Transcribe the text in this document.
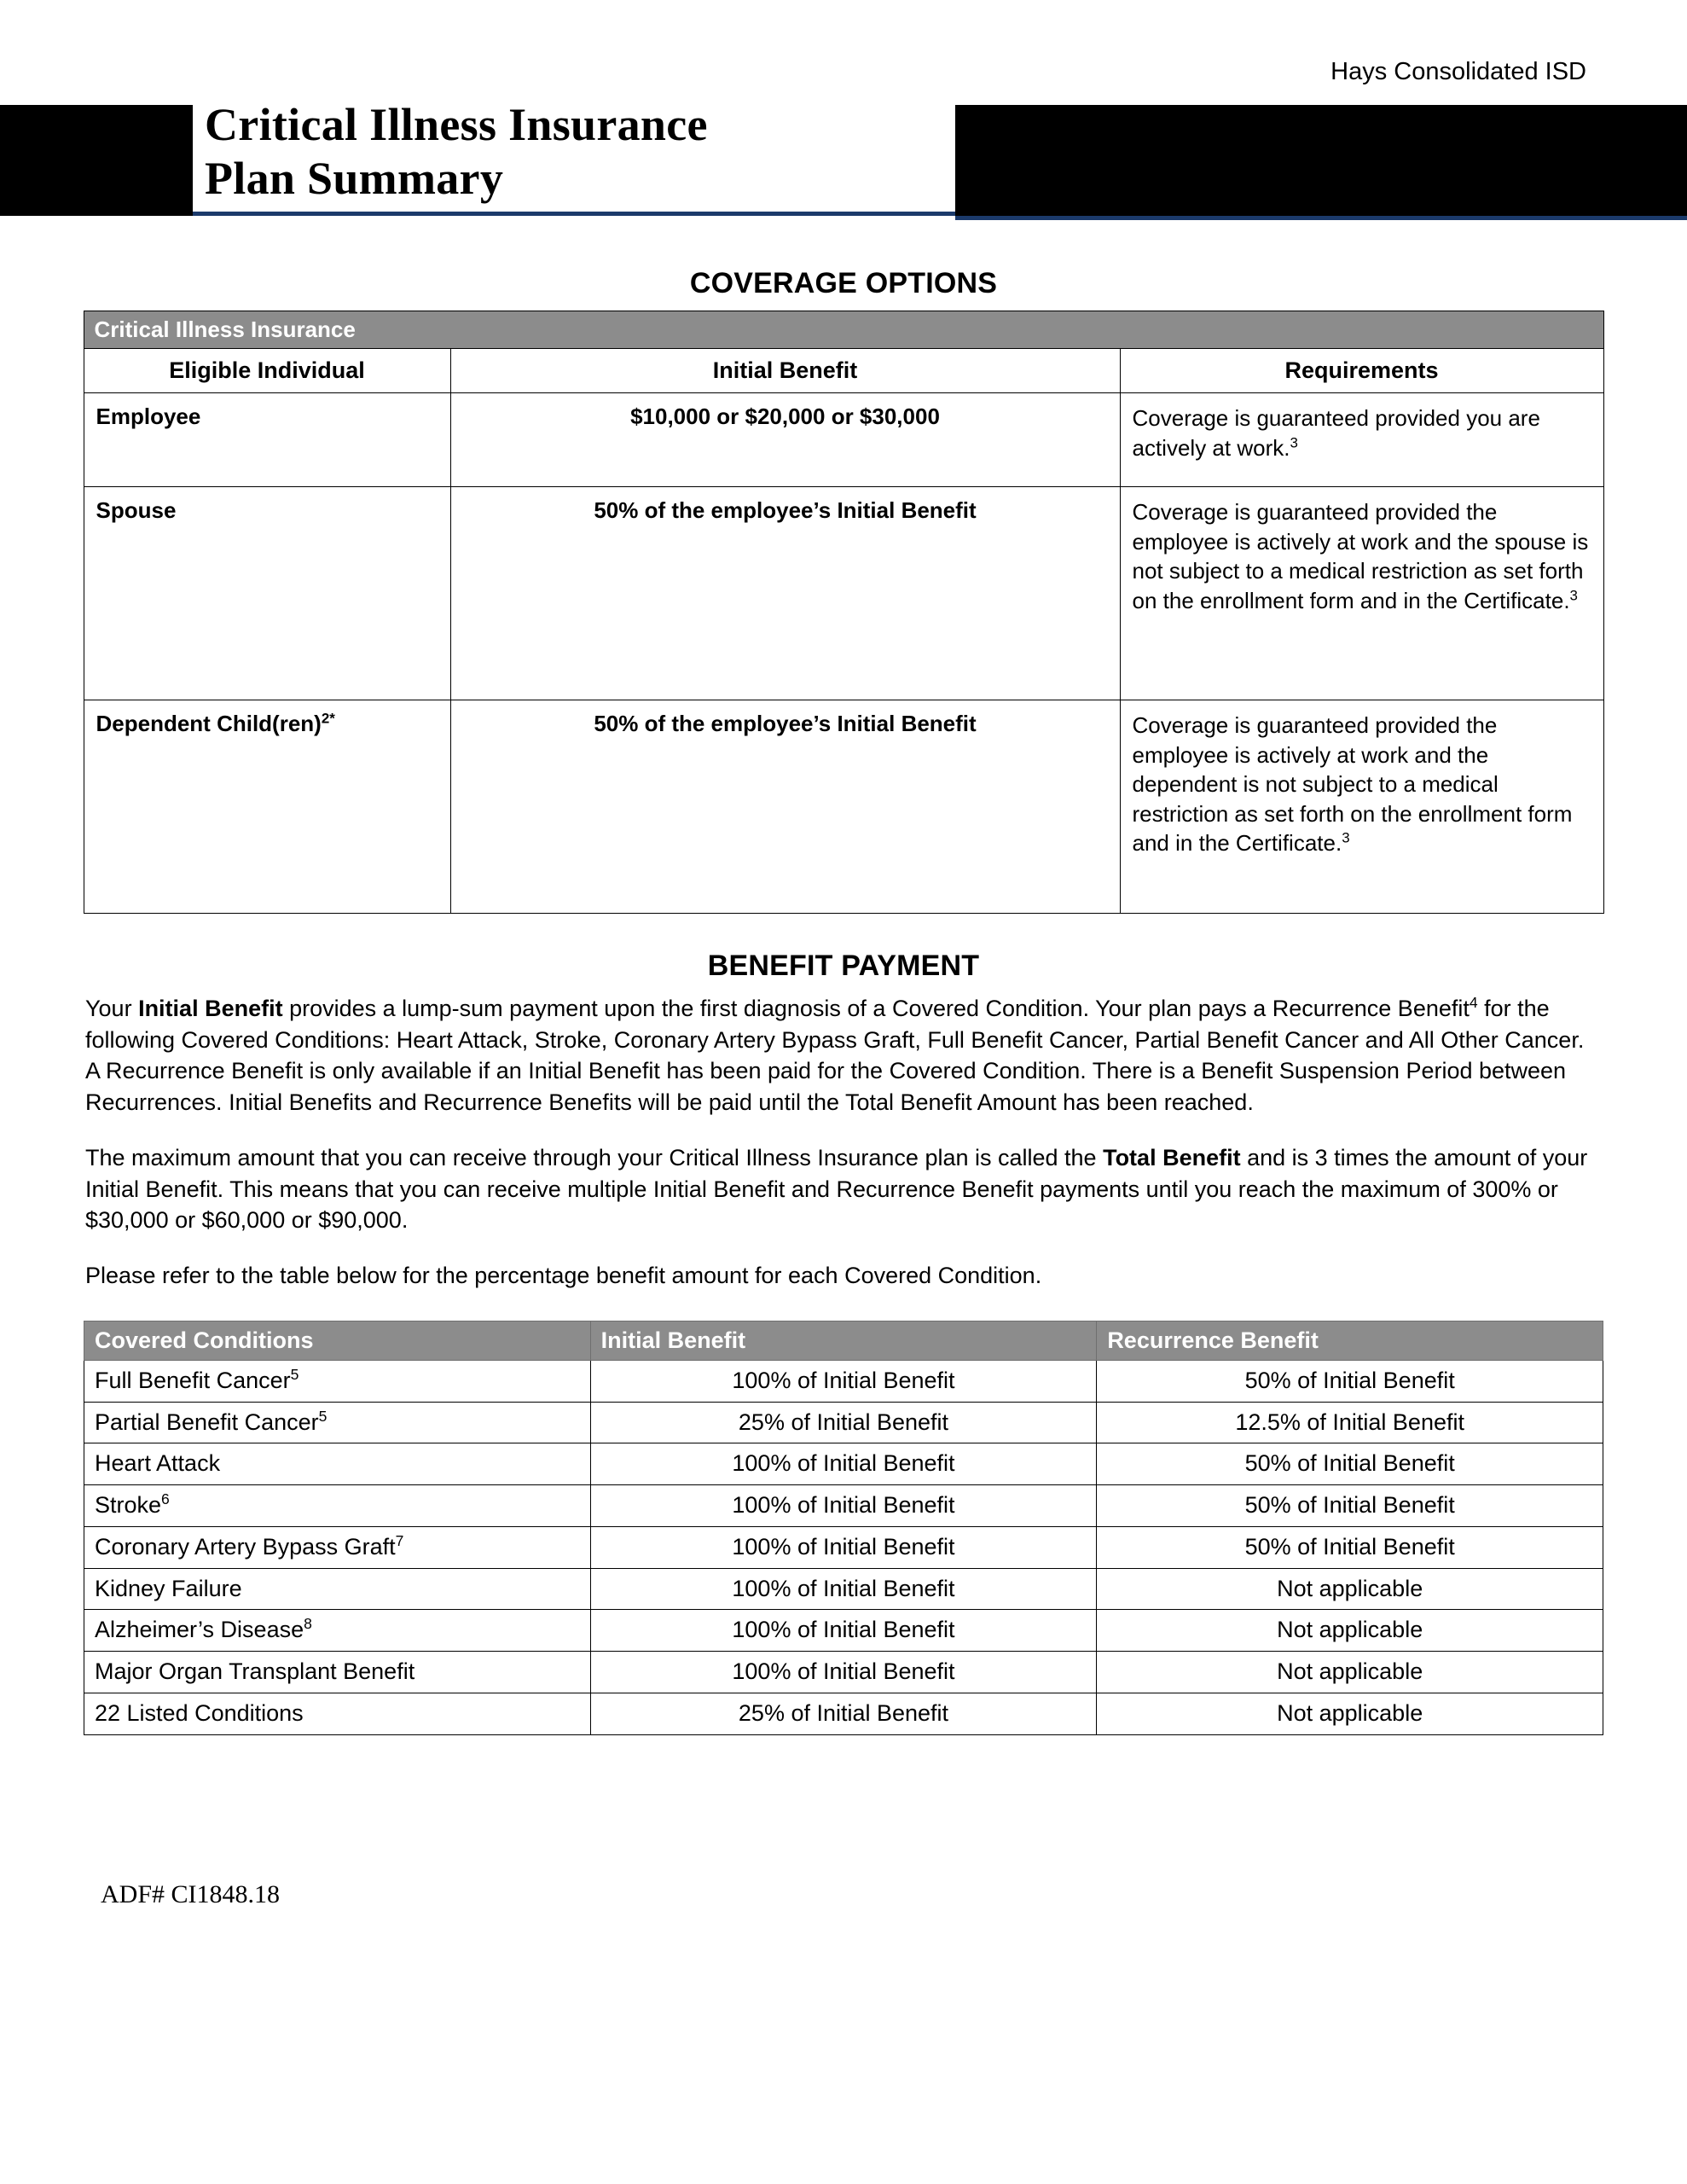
Hays Consolidated ISD
Critical Illness Insurance
Plan Summary
COVERAGE OPTIONS
Critical Illness Insurance		
Eligible Individual	Initial Benefit	Requirements
Employee	$10,000 or $20,000 or $30,000	Coverage is guaranteed provided you are actively at work.$^3$
Spouse	50% of the employee’s Initial Benefit	Coverage is guaranteed provided the employee is actively at work and the spouse is not subject to a medical restriction as set forth on the enrollment form and in the Certificate.$^3$
Dependent Child(ren)$^{2*}$	50% of the employee’s Initial Benefit	Coverage is guaranteed provided the employee is actively at work and the dependent is not subject to a medical restriction as set forth on the enrollment form and in the Certificate.$^3$
BENEFIT PAYMENT

Your Initial Benefit provides a lump-sum payment upon the first diagnosis of a Covered Condition. Your plan pays a Recurrence Benefit$^4$ for the following Covered Conditions: Heart Attack, Stroke, Coronary Artery Bypass Graft, Full Benefit Cancer, Partial Benefit Cancer and All Other Cancer. A Recurrence Benefit is only available if an Initial Benefit has been paid for the Covered Condition. There is a Benefit Suspension Period between Recurrences. Initial Benefits and Recurrence Benefits will be paid until the Total Benefit Amount has been reached.

The maximum amount that you can receive through your Critical Illness Insurance plan is called the Total Benefit and is 3 times the amount of your Initial Benefit. This means that you can receive multiple Initial Benefit and Recurrence Benefit payments until you reach the maximum of 300% or $30,000 or $60,000 or $90,000.

Please refer to the table below for the percentage benefit amount for each Covered Condition.

Covered Conditions	Initial Benefit	Recurrence Benefit
Full Benefit Cancer$^5$	100% of Initial Benefit	50% of Initial Benefit
Partial Benefit Cancer$^5$	25% of Initial Benefit	12.5% of Initial Benefit
Heart Attack	100% of Initial Benefit	50% of Initial Benefit
Stroke$^6$	100% of Initial Benefit	50% of Initial Benefit
Coronary Artery Bypass Graft$^7$	100% of Initial Benefit	50% of Initial Benefit
Kidney Failure	100% of Initial Benefit	Not applicable
Alzheimer’s Disease$^8$	100% of Initial Benefit	Not applicable
Major Organ Transplant Benefit	100% of Initial Benefit	Not applicable
22 Listed Conditions	25% of Initial Benefit	Not applicable
ADF# CI1848.18
